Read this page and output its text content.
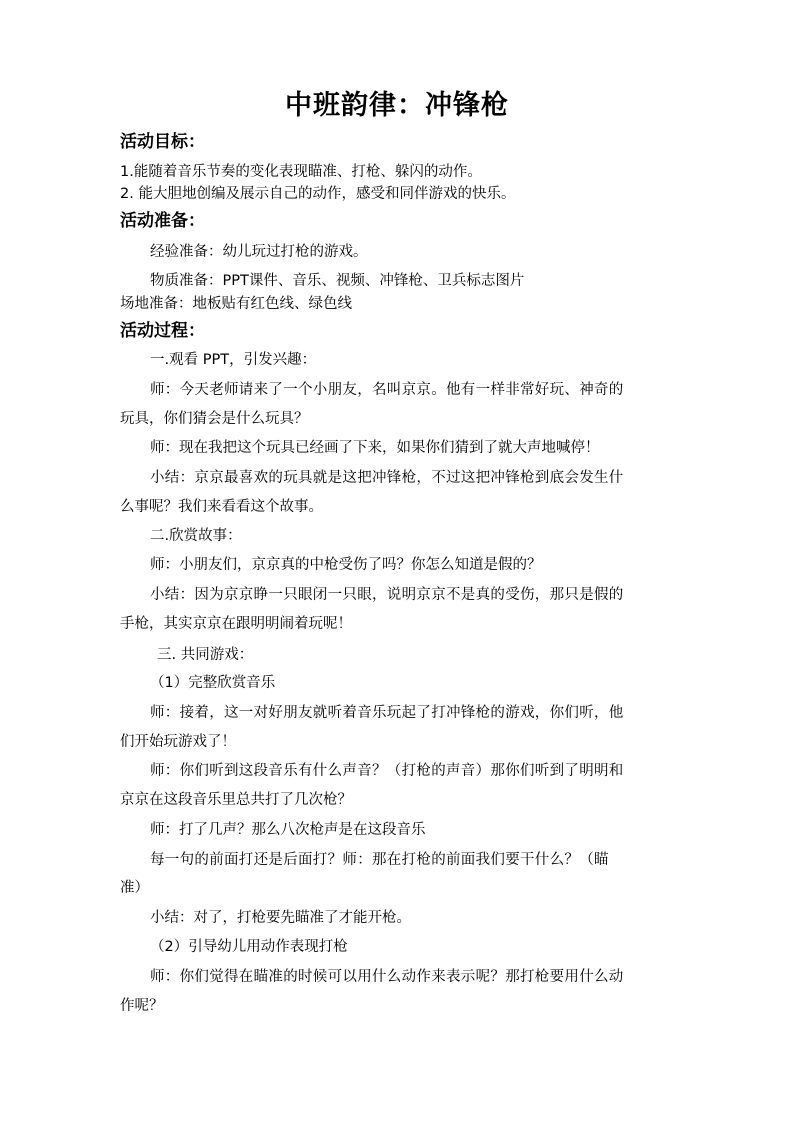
中班韵律：冲锋枪
活动目标：
1.能随着音乐节奏的变化表现瞄准、打枪、躲闪的动作。
2. 能大胆地创编及展示自己的动作，感受和同伴游戏的快乐。
活动准备：
经验准备：幼儿玩过打枪的游戏。
物质准备：PPT课件、音乐、视频、冲锋枪、卫兵标志图片
场地准备：地板贴有红色线、绿色线
活动过程：
一.观看 PPT，引发兴趣：
师：今天老师请来了一个小朋友，名叫京京。他有一样非常好玩、神奇的
玩具，你们猜会是什么玩具？
师：现在我把这个玩具已经画了下来，如果你们猜到了就大声地喊停！
小结：京京最喜欢的玩具就是这把冲锋枪，不过这把冲锋枪到底会发生什
么事呢？我们来看看这个故事。
二.欣赏故事：
师：小朋友们，京京真的中枪受伤了吗？你怎么知道是假的？
小结：因为京京睁一只眼闭一只眼，说明京京不是真的受伤，那只是假的
手枪，其实京京在跟明明闹着玩呢！
三. 共同游戏：
（1）完整欣赏音乐
师：接着，这一对好朋友就听着音乐玩起了打冲锋枪的游戏，你们听，他
们开始玩游戏了！
师：你们听到这段音乐有什么声音？（打枪的声音）那你们听到了明明和
京京在这段音乐里总共打了几次枪？
师：打了几声？那么八次枪声是在这段音乐
每一句的前面打还是后面打？师：那在打枪的前面我们要干什么？（瞄
准）
小结：对了，打枪要先瞄准了才能开枪。
（2）引导幼儿用动作表现打枪
师：你们觉得在瞄准的时候可以用什么动作来表示呢？那打枪要用什么动
作呢？
